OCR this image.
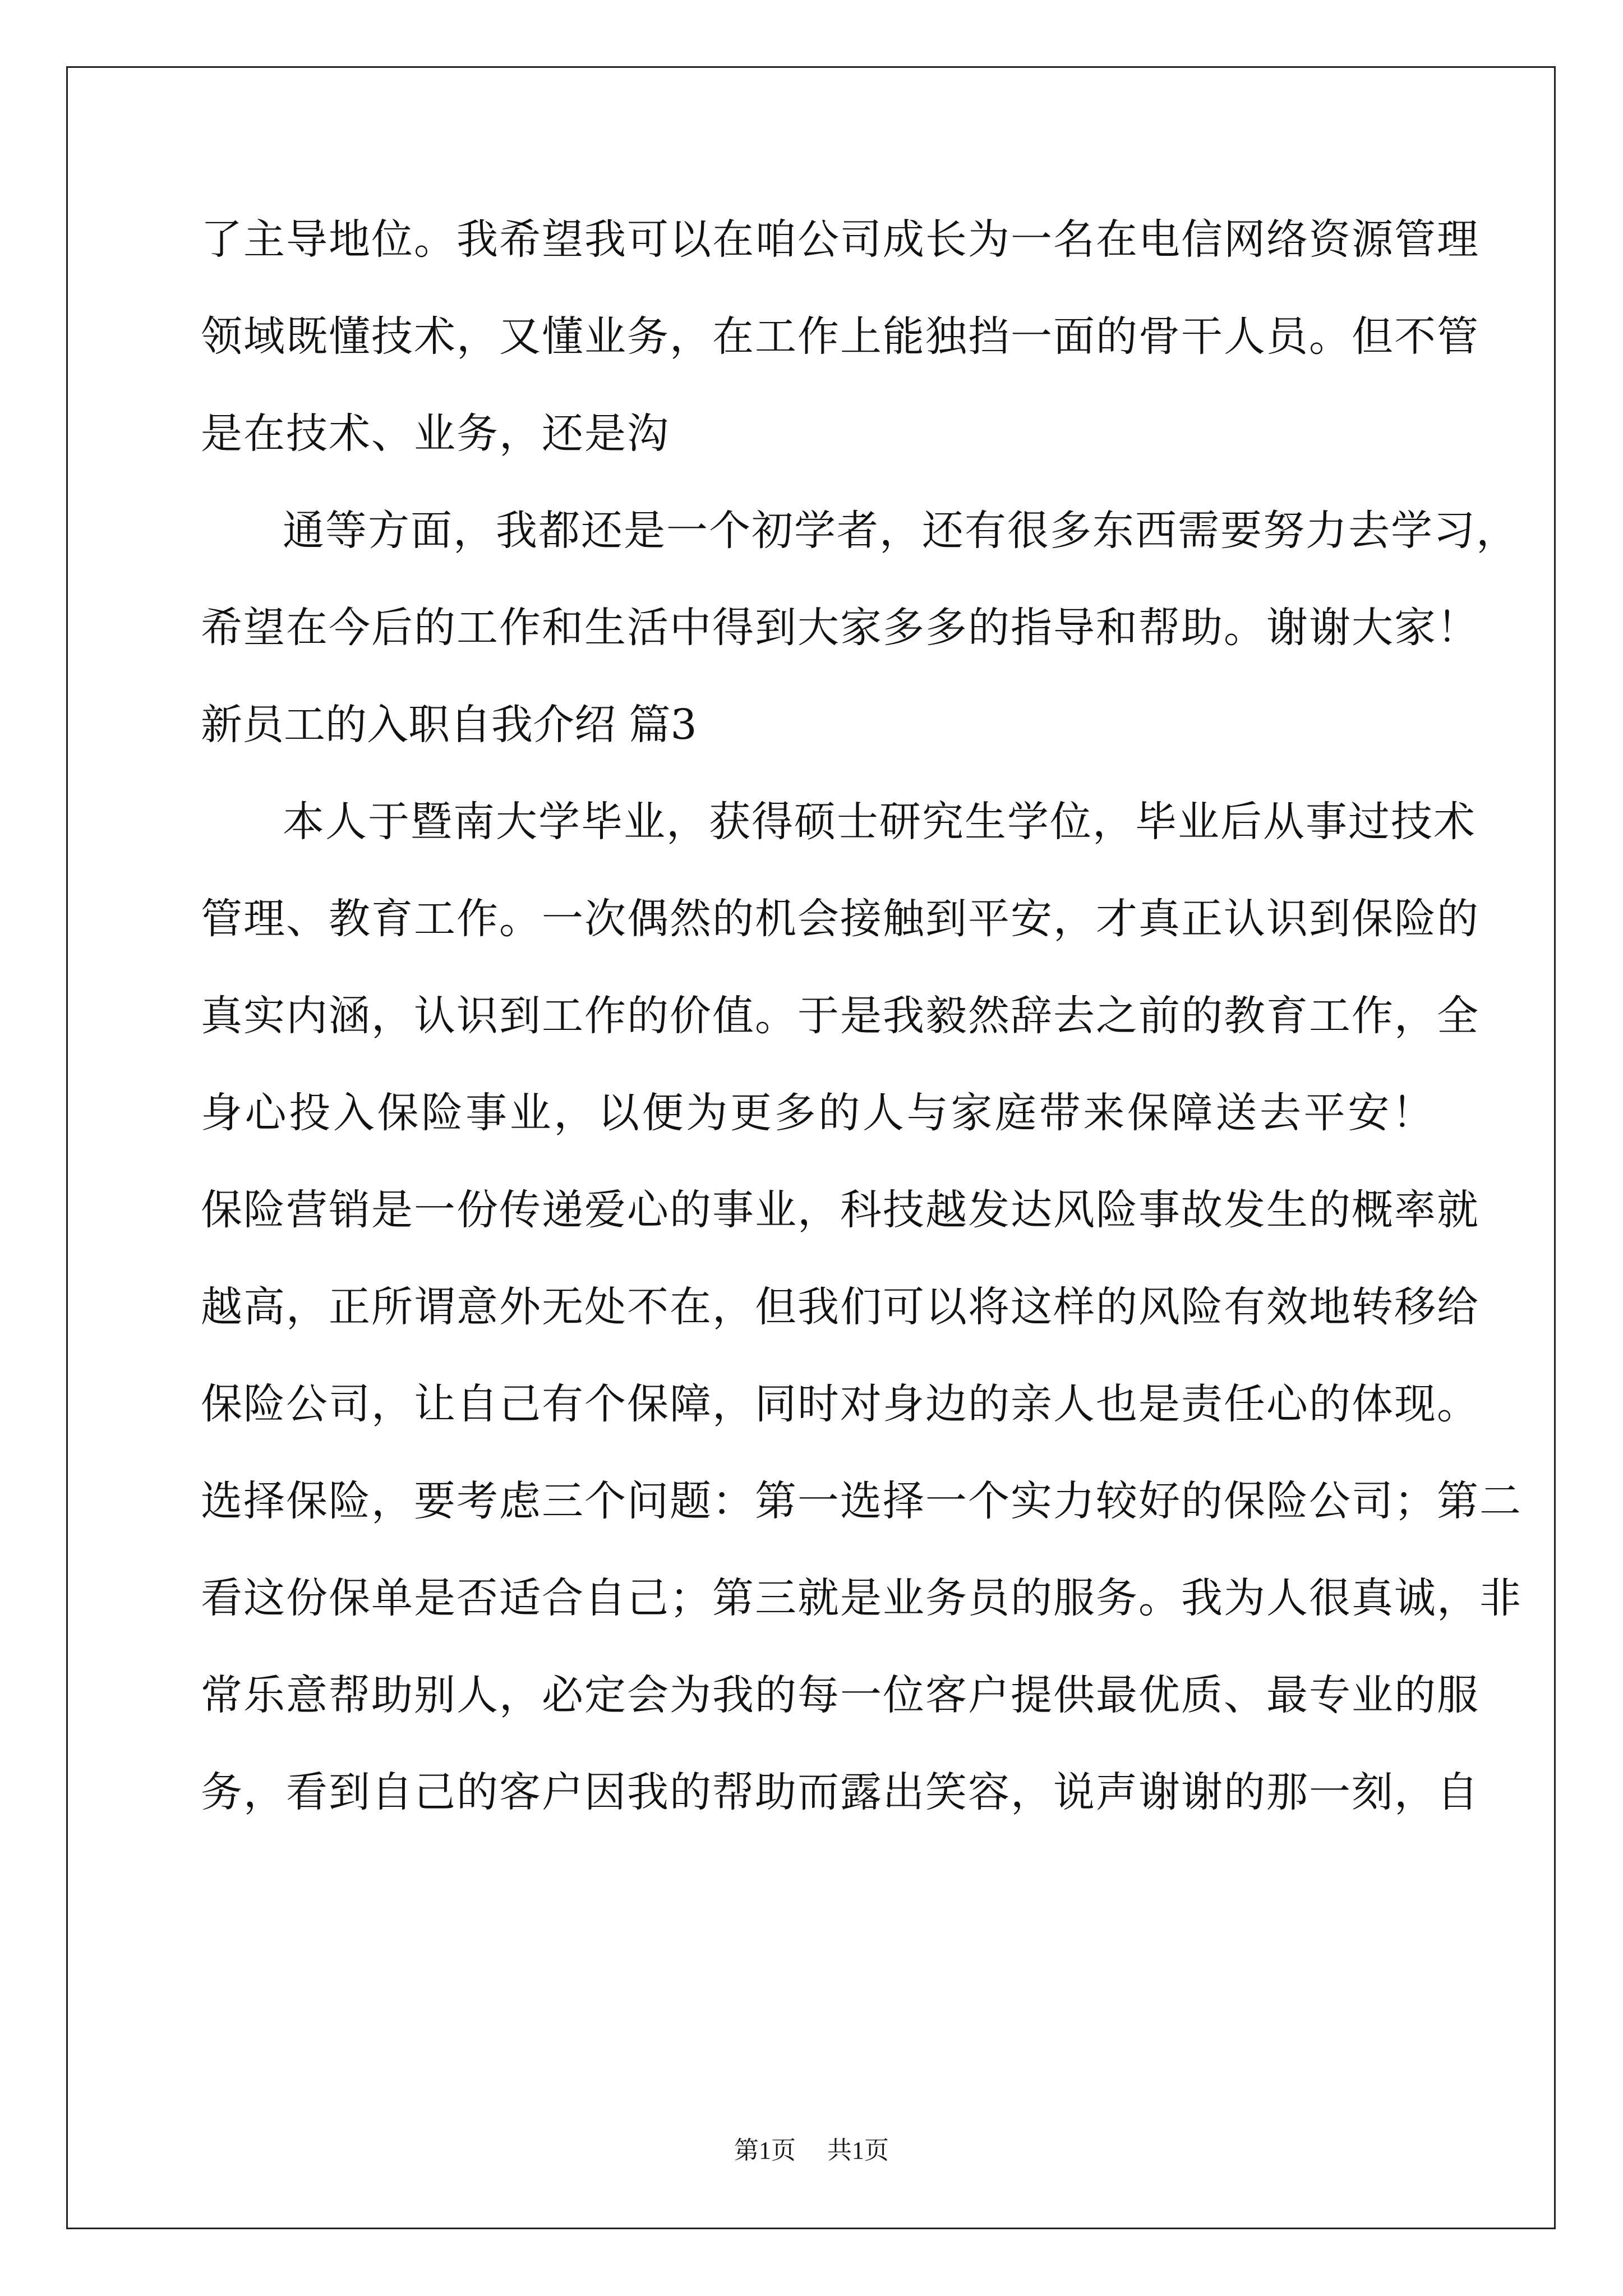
了主导地位。我希望我可以在咱公司成长为一名在电信网络资源管理
领域既懂技术，又懂业务，在工作上能独挡一面的骨干人员。但不管
是在技术、业务，还是沟
通等方面，我都还是一个初学者，还有很多东西需要努力去学习，
希望在今后的工作和生活中得到大家多多的指导和帮助。谢谢大家！
新员工的入职自我介绍 篇3
本人于暨南大学毕业，获得硕士研究生学位，毕业后从事过技术
管理、教育工作。一次偶然的机会接触到平安，才真正认识到保险的
真实内涵，认识到工作的价值。于是我毅然辞去之前的教育工作，全
身心投入保险事业，以便为更多的人与家庭带来保障送去平安！
保险营销是一份传递爱心的事业，科技越发达风险事故发生的概率就
越高，正所谓意外无处不在，但我们可以将这样的风险有效地转移给
保险公司，让自己有个保障，同时对身边的亲人也是责任心的体现。
选择保险，要考虑三个问题：第一选择一个实力较好的保险公司；第二
看这份保单是否适合自己；第三就是业务员的服务。我为人很真诚，非
常乐意帮助别人，必定会为我的每一位客户提供最优质、最专业的服
务，看到自己的客户因我的帮助而露出笑容，说声谢谢的那一刻，自
第1页 共1页
